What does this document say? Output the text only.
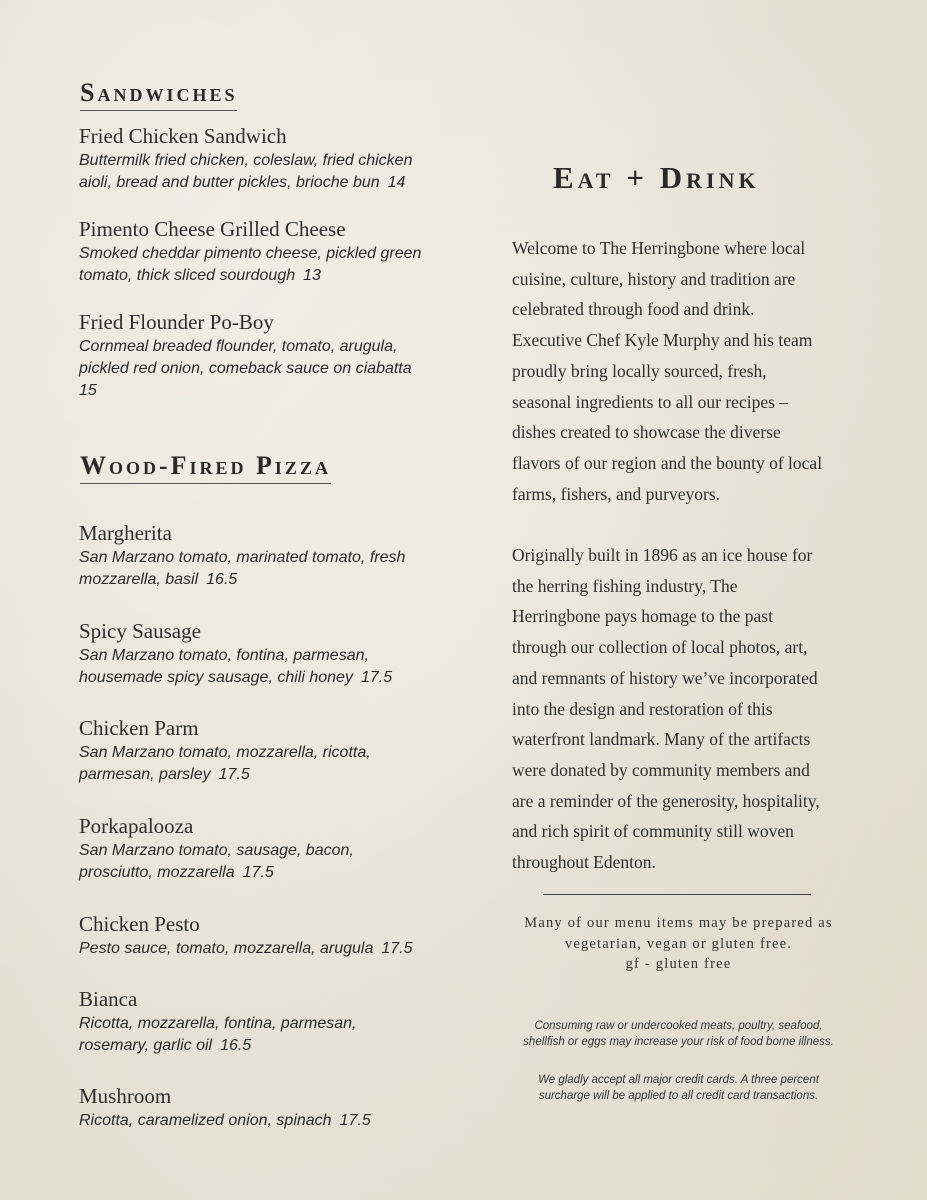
Sandwiches
Fried Chicken Sandwich
Buttermilk fried chicken, coleslaw, fried chicken
aioli, bread and butter pickles, brioche bun 14
Pimento Cheese Grilled Cheese
Smoked cheddar pimento cheese, pickled green
tomato, thick sliced sourdough 13
Fried Flounder Po-Boy
Cornmeal breaded flounder, tomato, arugula,
pickled red onion, comeback sauce on ciabatta
15
Wood-Fired Pizza
Margherita
San Marzano tomato, marinated tomato, fresh
mozzarella, basil 16.5
Spicy Sausage
San Marzano tomato, fontina, parmesan,
housemade spicy sausage, chili honey 17.5
Chicken Parm
San Marzano tomato, mozzarella, ricotta,
parmesan, parsley 17.5
Porkapalooza
San Marzano tomato, sausage, bacon,
prosciutto, mozzarella 17.5
Chicken Pesto
Pesto sauce, tomato, mozzarella, arugula 17.5
Bianca
Ricotta, mozzarella, fontina, parmesan,
rosemary, garlic oil 16.5
Mushroom
Ricotta, caramelized onion, spinach 17.5
Eat + Drink

Welcome to The Herringbone where local
cuisine, culture, history and tradition are
celebrated through food and drink.
Executive Chef Kyle Murphy and his team
proudly bring locally sourced, fresh,
seasonal ingredients to all our recipes –
dishes created to showcase the diverse
flavors of our region and the bounty of local
farms, fishers, and purveyors.

Originally built in 1896 as an ice house for
the herring fishing industry, The
Herringbone pays homage to the past
through our collection of local photos, art,
and remnants of history we’ve incorporated
into the design and restoration of this
waterfront landmark. Many of the artifacts
were donated by community members and
are a reminder of the generosity, hospitality,
and rich spirit of community still woven
throughout Edenton.

Many of our menu items may be prepared as
vegetarian, vegan or gluten free.
gf - gluten free

Consuming raw or undercooked meats, poultry, seafood,
shellfish or eggs may increase your risk of food borne illness.

We gladly accept all major credit cards. A three percent
surcharge will be applied to all credit card transactions.
